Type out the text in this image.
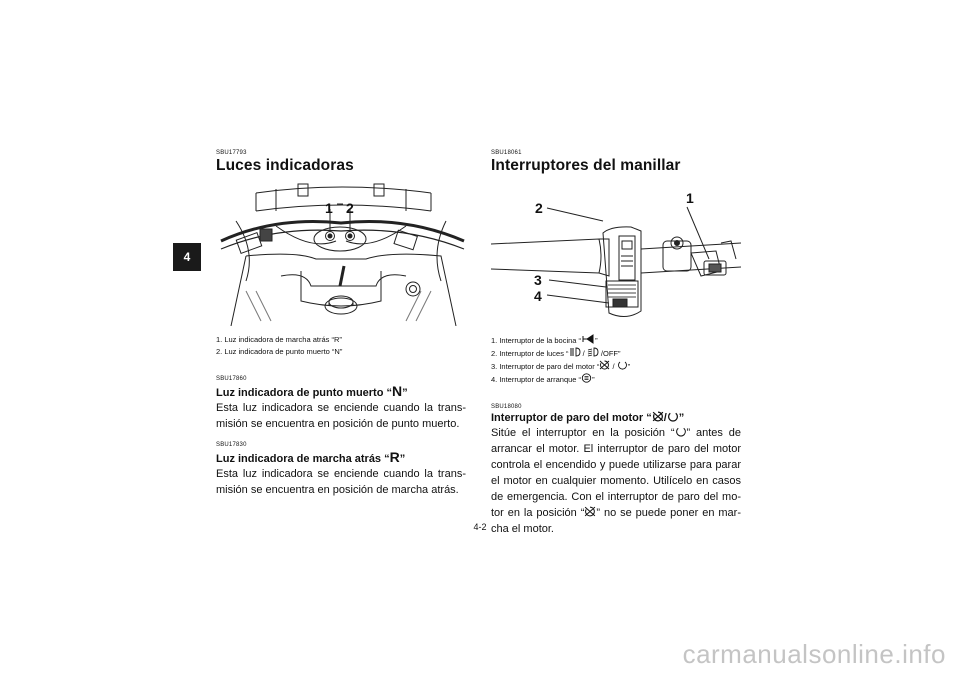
4
SBU17793
Luces indicadoras
1 2
1. Luz indicadora de marcha atrás “R”
2. Luz indicadora de punto muerto “N”
SBU17860
Luz indicadora de punto muerto “N”

Esta luz indicadora se enciende cuando la trans-misión se encuentra en posición de punto muerto.

SBU17830
Luz indicadora de marcha atrás “R”

Esta luz indicadora se enciende cuando la trans-misión se encuentra en posición de marcha atrás.

SBU18061
Interruptores del manillar
2
1
3
4
1. Interruptor de la bocina “ ”
2. Interruptor de luces “ /  /OFF”
3. Interruptor de paro del motor “ / ”
4. Interruptor de arranque “ ”
SBU18080
Interruptor de paro del motor “ / ”

Sitúe el interruptor en la posición “ ” antes de arrancar el motor. El interruptor de paro del motor controla el encendido y puede utilizarse para parar el motor en cualquier momento. Utilícelo en casos de emergencia. Con el interruptor de paro del mo-tor en la posición “ ” no se puede poner en mar-cha el motor.

4-2
carmanualsonline.info
